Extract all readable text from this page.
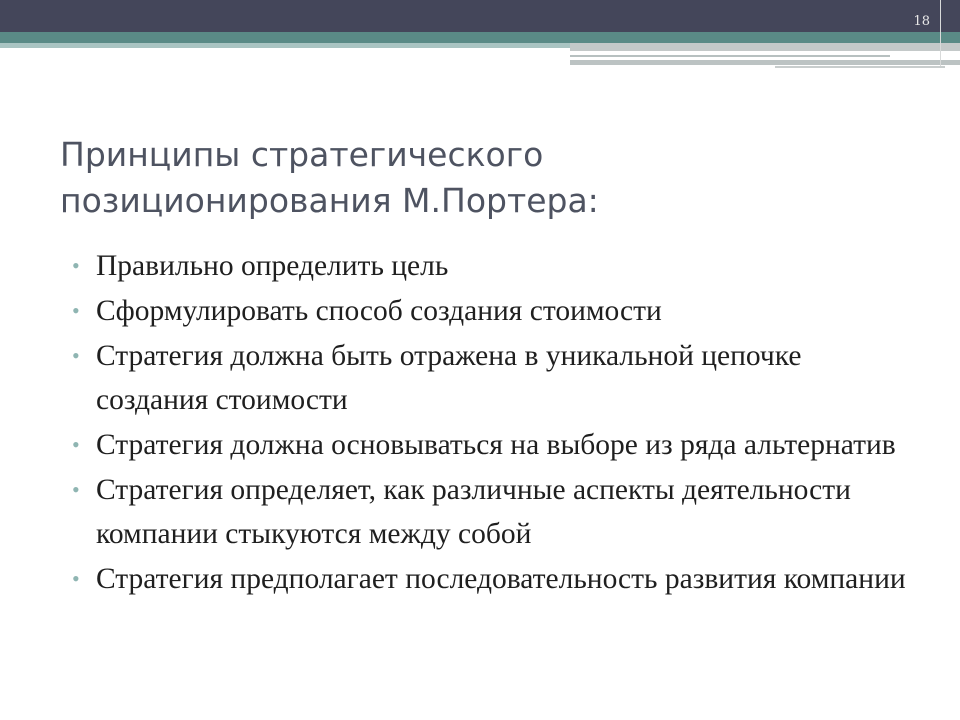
18
Принципы стратегического
позиционирования М.Портера:
• Правильно определить цель
• Сформулировать способ создания стоимости
• Стратегия должна быть отражена в уникальной цепочке создания стоимости
• Стратегия должна основываться на выборе из ряда альтернатив
• Стратегия определяет, как различные аспекты деятельности компании стыкуются между собой
• Стратегия предполагает последовательность развития компании
